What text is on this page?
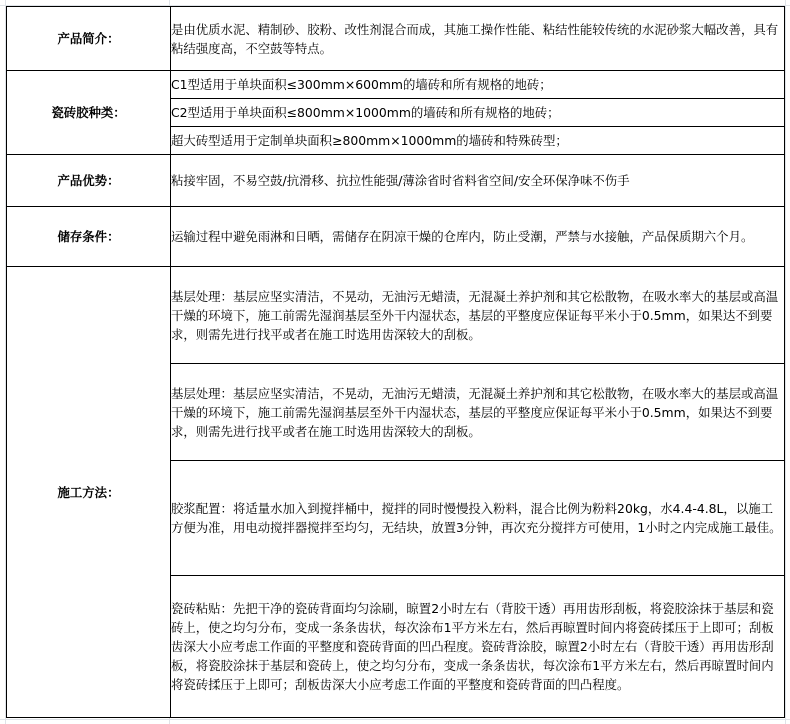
产品简介：	是由优质水泥、精制砂、胶粉、改性剂混合而成，其施工操作性能、粘结性能较传统的水泥砂浆大幅改善，具有粘结强度高，不空鼓等特点。

瓷砖胶种类：	C1型适用于单块面积≤300mm×600mm的墙砖和所有规格的地砖；

	C2型适用于单块面积≤800mm×1000mm的墙砖和所有规格的地砖；

	超大砖型适用于定制单块面积≥800mm×1000mm的墙砖和特殊砖型；

产品优势：	粘接牢固，不易空鼓/抗滑移、抗拉性能强/薄涂省时省料省空间/安全环保净味不伤手

储存条件：	运输过程中避免雨淋和日晒，需储存在阴凉干燥的仓库内，防止受潮，严禁与水接触，产品保质期六个月。

施工方法：	基层处理：基层应坚实清洁，不晃动，无油污无蜡渍，无混凝土养护剂和其它松散物，在吸水率大的基层或高温干燥的环境下，施工前需先湿润基层至外干内湿状态，基层的平整度应保证每平米小于0.5mm，如果达不到要求，则需先进行找平或者在施工时选用齿深较大的刮板。

	基层处理：基层应坚实清洁，不晃动，无油污无蜡渍，无混凝土养护剂和其它松散物，在吸水率大的基层或高温干燥的环境下，施工前需先湿润基层至外干内湿状态，基层的平整度应保证每平米小于0.5mm，如果达不到要求，则需先进行找平或者在施工时选用齿深较大的刮板。

	胶浆配置：将适量水加入到搅拌桶中，搅拌的同时慢慢投入粉料，混合比例为粉料20kg，水4.4-4.8L，以施工方便为准，用电动搅拌器搅拌至均匀，无结块，放置3分钟，再次充分搅拌方可使用，1小时之内完成施工最佳。

	瓷砖粘贴：先把干净的瓷砖背面均匀涂刷，晾置2小时左右（背胶干透）再用齿形刮板，将瓷胶涂抹于基层和瓷砖上，使之均匀分布，变成一条条齿状，每次涂布1平方米左右，然后再晾置时间内将瓷砖揉压于上即可；刮板齿深大小应考虑工作面的平整度和瓷砖背面的凹凸程度。瓷砖背涂胶，晾置2小时左右（背胶干透）再用齿形刮板，将瓷胶涂抹于基层和瓷砖上，使之均匀分布，变成一条条齿状，每次涂布1平方米左右，然后再晾置时间内将瓷砖揉压于上即可；刮板齿深大小应考虑工作面的平整度和瓷砖背面的凹凸程度。
